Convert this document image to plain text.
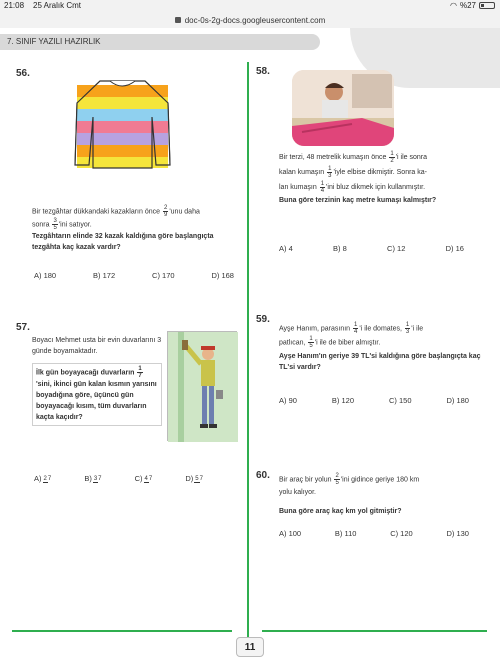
21:08 25 Aralık Cmt	◠ %27
doc-0s-2g-docs.googleusercontent.com
7. SINIF YAZILI HAZIRLIK
11
56.
Bir tezgâhtar dükkandaki kazakların önce $\frac{2}{9}$ 'unu daha
sonra $\frac{3}{5}$ 'ini satıyor.
Tezgâhtarın elinde 32 kazak kaldığına göre başlangıçta tezgâhta kaç kazak vardır?
A) 180	B) 172	C) 170	D) 168
57.
Boyacı Mehmet usta bir evin duvarlarını 3 günde boyamaktadır.
İlk gün boyayacağı duvarların $\frac{1}{7}$
'sini, ikinci gün kalan kısmın yarısını boyadığına göre, üçüncü gün boyayacağı kısım, tüm duvarların kaçta kaçıdır?
A) 27	B) 37	C) 47	D) 57
58.
Bir terzi, 48 metrelik kumaşın önce $\frac{1}{2}$ 'i ile sonra
kalan kumaşın $\frac{1}{3}$ 'iyle elbise dikmiştir. Sonra ka-
lan kumaşın $\frac{1}{4}$ 'ini bluz dikmek için kullanmıştır.
Buna göre terzinin kaç metre kumaşı kalmıştır?
A) 4	B) 8	C) 12	D) 16
59.
Ayşe Hanım, parasının $\frac{1}{4}$ 'i ile domates, $\frac{1}{3}$ 'i ile
patlıcan, $\frac{1}{5}$ 'i ile de biber almıştır.
Ayşe Hanım'ın geriye 39 TL'si kaldığına göre başlangıçta kaç TL'si vardır?
A) 90	B) 120	C) 150	D) 180
60. Bir araç bir yolun $\frac{2}{5}$ 'ini gidince geriye 180 km
yolu kalıyor.
Buna göre araç kaç km yol gitmiştir?
A) 100	B) 110	C) 120	D) 130
